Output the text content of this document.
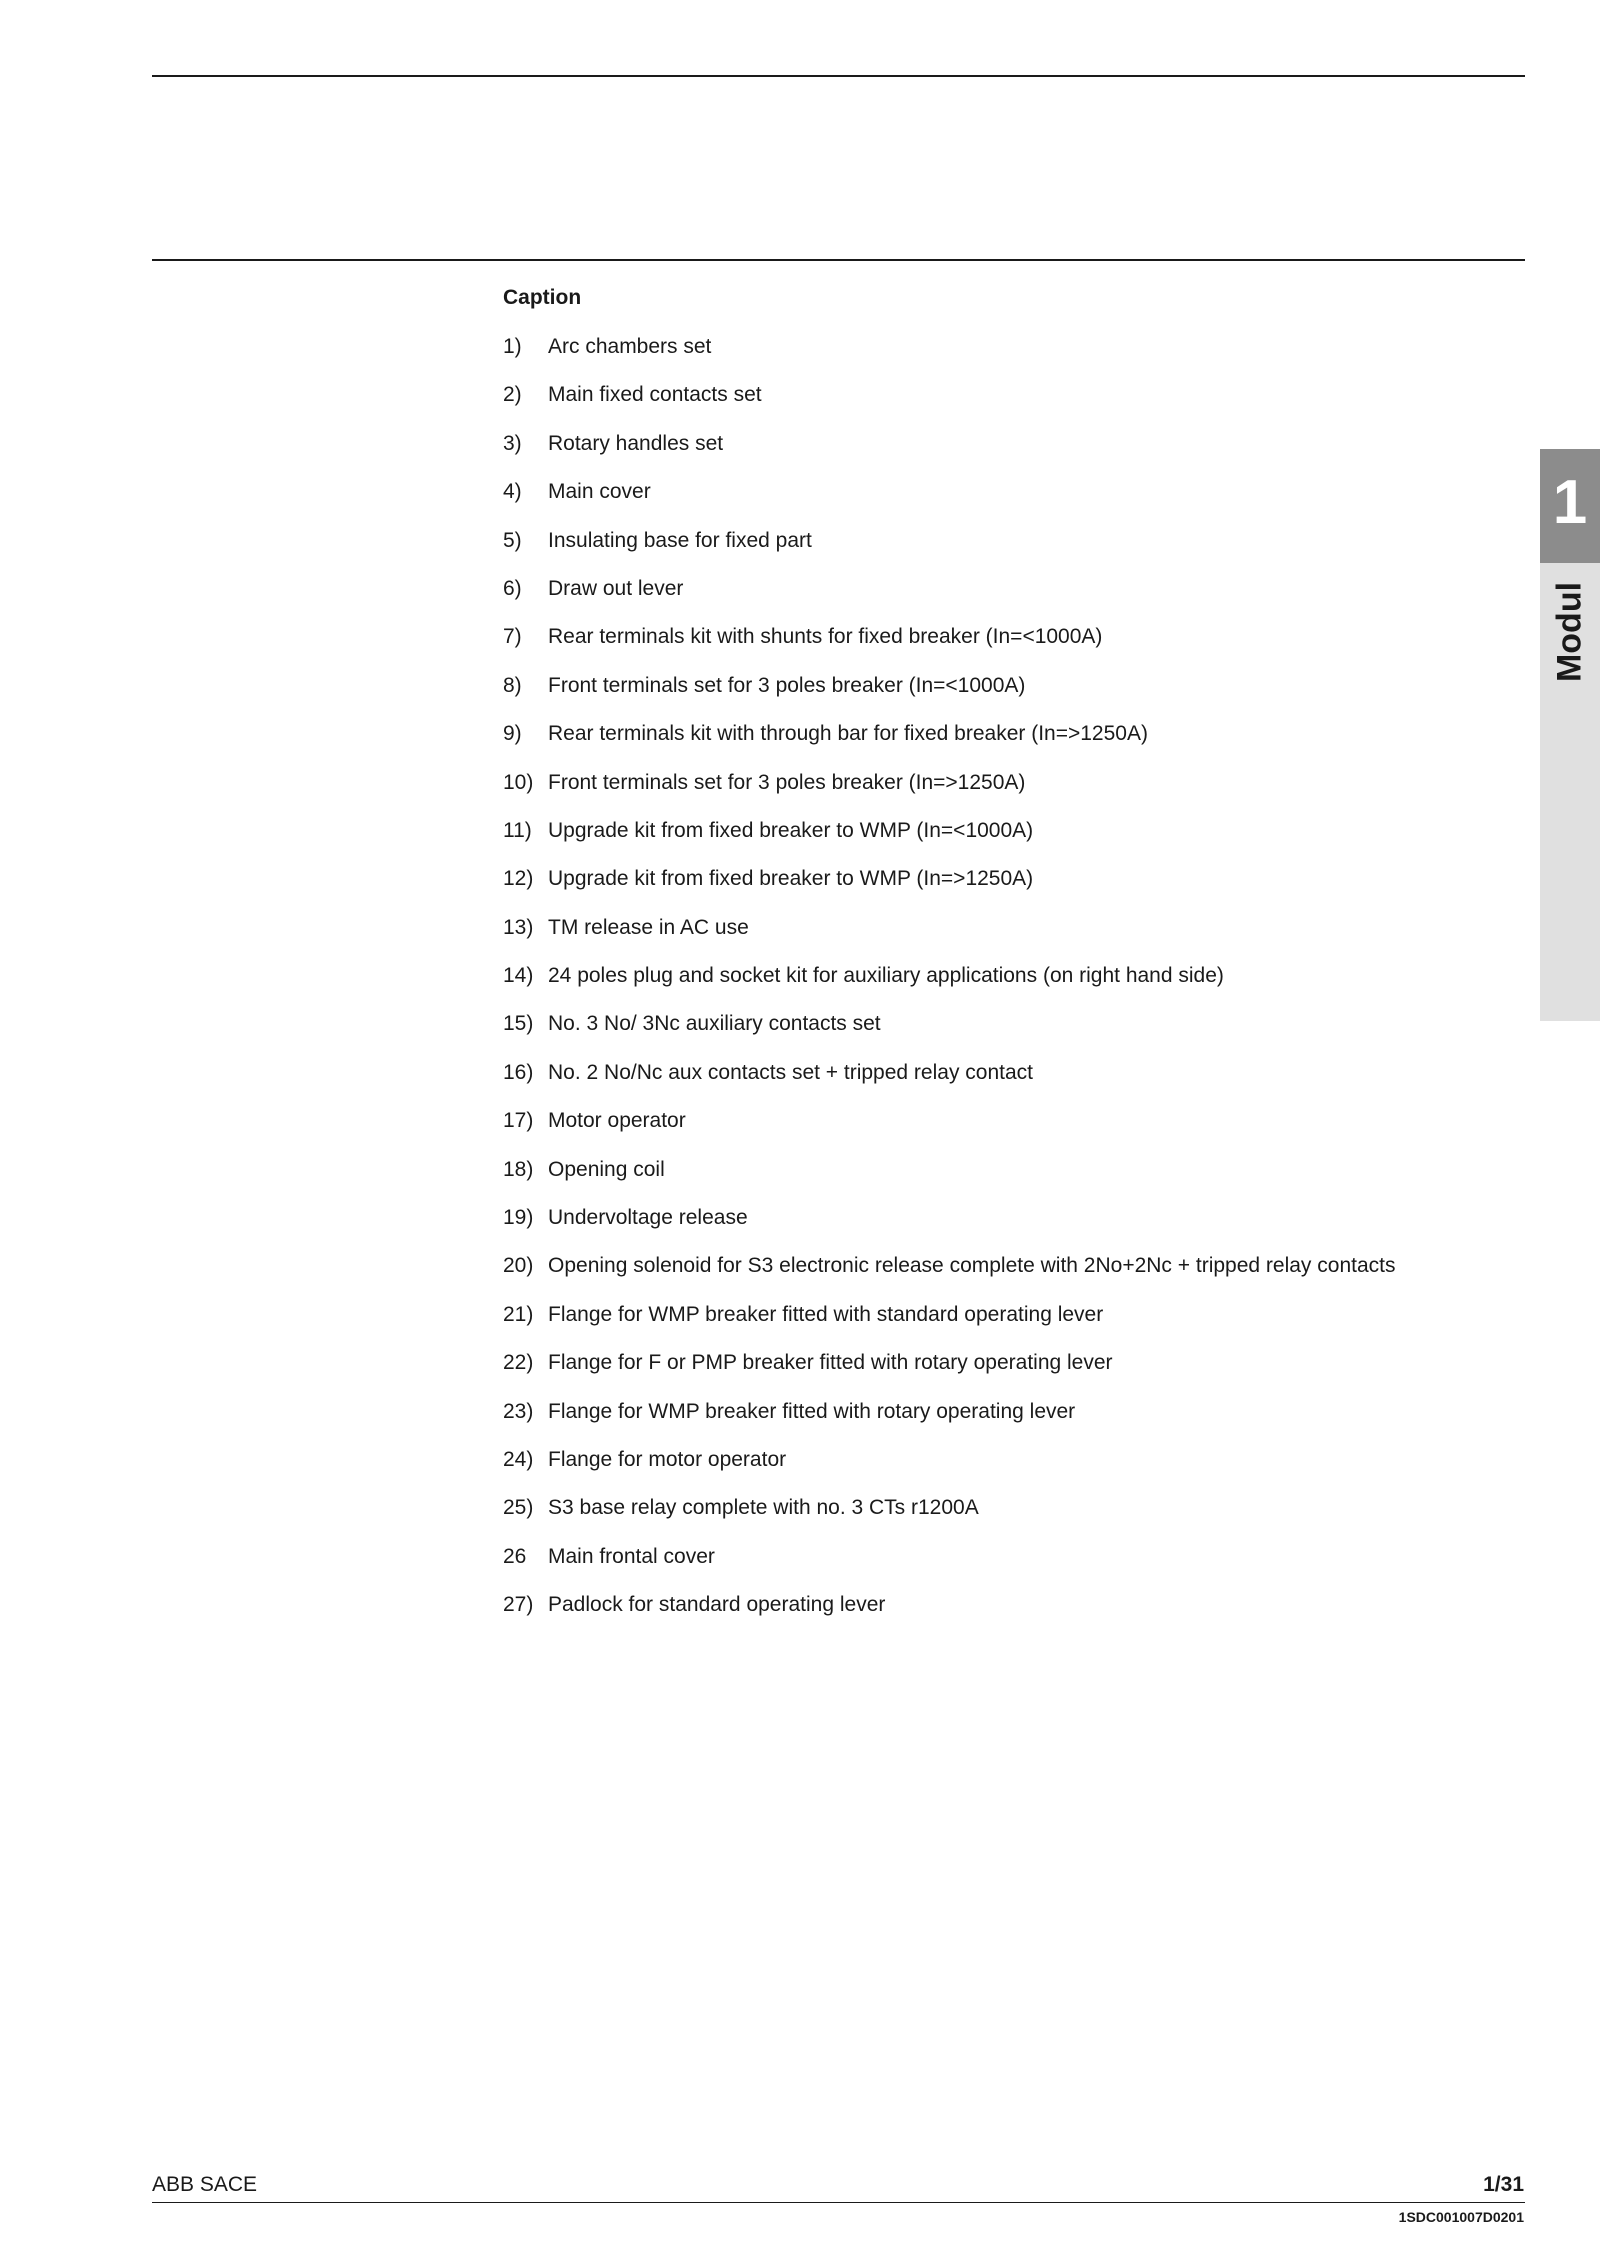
Caption
1) Arc chambers set
2) Main fixed contacts set
3) Rotary handles set
4) Main cover
5) Insulating base for fixed part
6) Draw out lever
7) Rear terminals kit with shunts for fixed breaker (In=<1000A)
8) Front terminals set for 3 poles breaker (In=<1000A)
9) Rear terminals kit with through bar for fixed breaker (In=>1250A)
10) Front terminals set for 3 poles breaker (In=>1250A)
11) Upgrade kit from fixed breaker to WMP (In=<1000A)
12) Upgrade kit from fixed breaker to WMP (In=>1250A)
13) TM release in AC use
14) 24 poles plug and socket kit for auxiliary applications (on right hand side)
15) No. 3 No/ 3Nc auxiliary contacts set
16) No. 2 No/Nc aux contacts set + tripped relay contact
17) Motor operator
18) Opening coil
19) Undervoltage release
20) Opening solenoid for S3 electronic release complete with 2No+2Nc + tripped relay contacts
21) Flange for WMP breaker fitted with standard operating lever
22) Flange for F or PMP breaker fitted with rotary operating lever
23) Flange for WMP breaker fitted with rotary operating lever
24) Flange for motor operator
25) S3 base relay complete with no. 3 CTs r1200A
26 Main frontal cover
27) Padlock for standard operating lever
1
Modul
ABB SACE	1/31
1SDC001007D0201
